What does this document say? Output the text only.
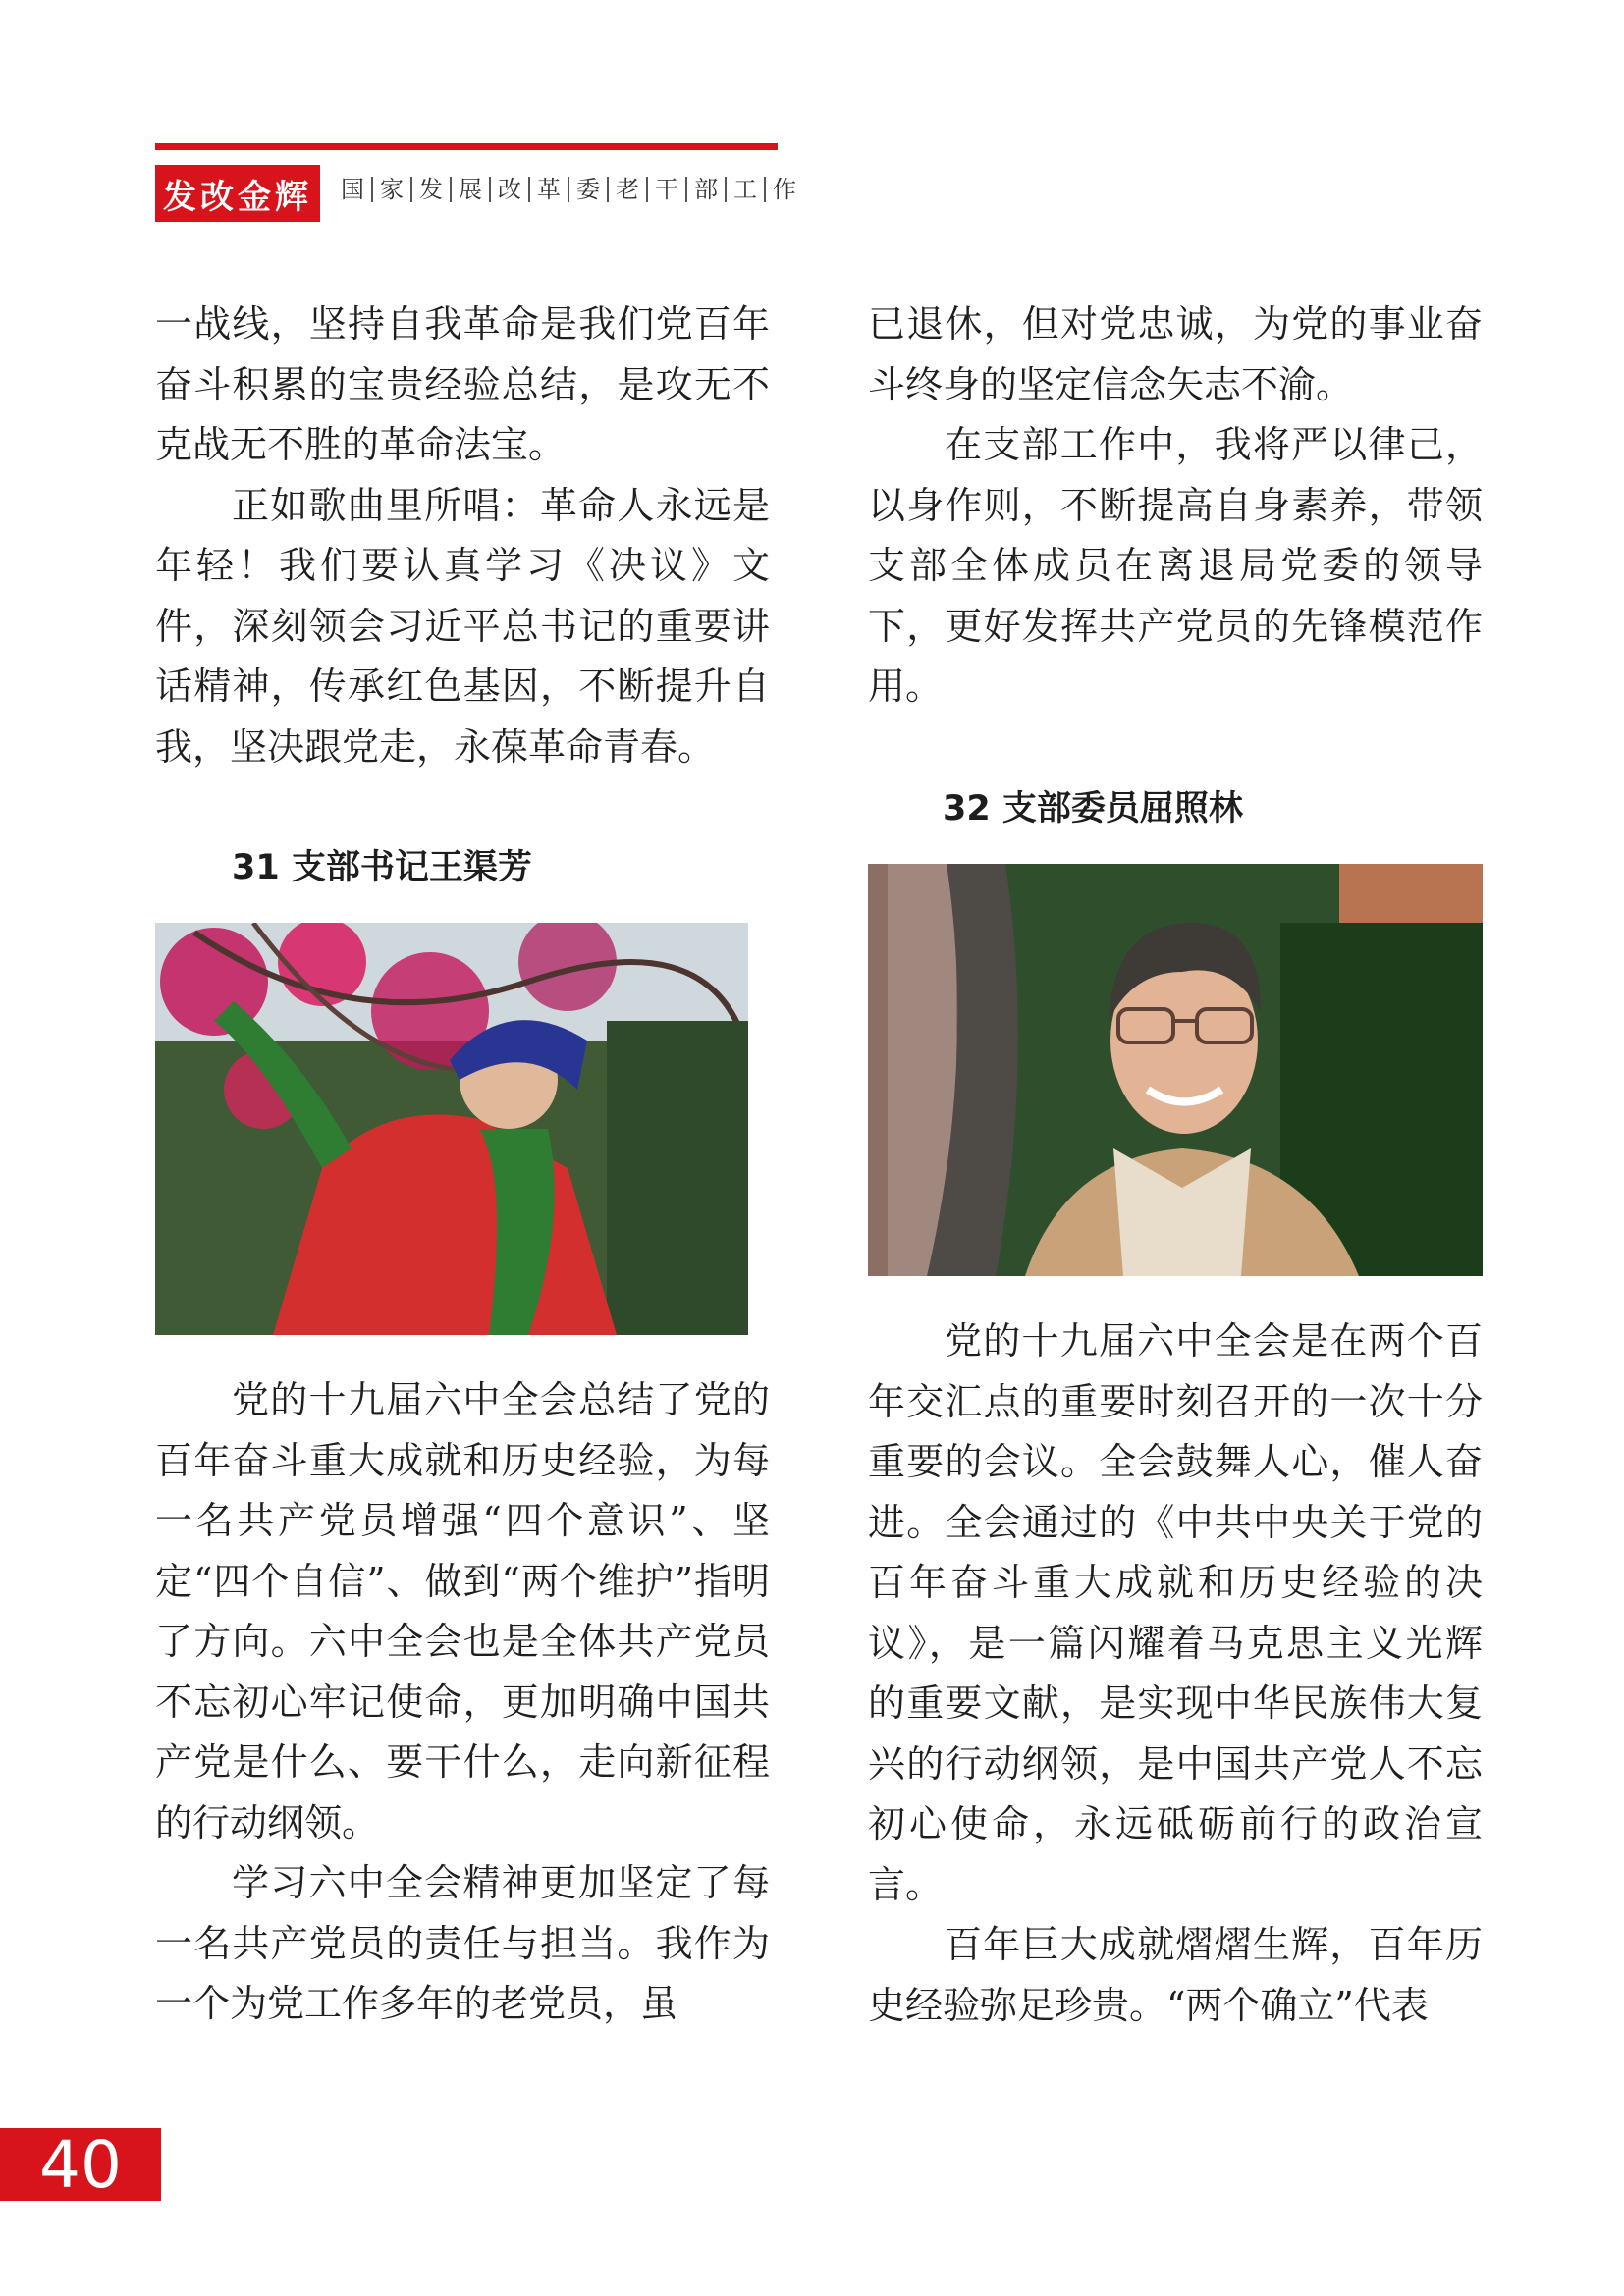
发改金辉	国 家 发 展 改 革 委 老 干 部 工 作

一战线，坚持自我革命是我们党百年奋斗积累的宝贵经验总结，是攻无不克战无不胜的革命法宝。

正如歌曲里所唱：革命人永远是年轻！我们要认真学习《决议》文件，深刻领会习近平总书记的重要讲话精神，传承红色基因，不断提升自我，坚决跟党走，永葆革命青春。

31 支部书记王渠芳

党的十九届六中全会总结了党的百年奋斗重大成就和历史经验，为每一名共产党员增强“四个意识”、坚定“四个自信”、做到“两个维护”指明了方向。六中全会也是全体共产党员不忘初心牢记使命，更加明确中国共产党是什么、要干什么，走向新征程的行动纲领。

学习六中全会精神更加坚定了每一名共产党员的责任与担当。我作为一个为党工作多年的老党员，虽

已退休，但对党忠诚，为党的事业奋斗终身的坚定信念矢志不渝。

在支部工作中，我将严以律己，以身作则，不断提高自身素养，带领支部全体成员在离退局党委的领导下，更好发挥共产党员的先锋模范作用。

32 支部委员屈照林

党的十九届六中全会是在两个百年交汇点的重要时刻召开的一次十分重要的会议。全会鼓舞人心，催人奋进。全会通过的《中共中央关于党的百年奋斗重大成就和历史经验的决议》，是一篇闪耀着马克思主义光辉的重要文献，是实现中华民族伟大复兴的行动纲领，是中国共产党人不忘初心使命，永远砥砺前行的政治宣言。

百年巨大成就熠熠生辉，百年历史经验弥足珍贵。“两个确立”代表

40
